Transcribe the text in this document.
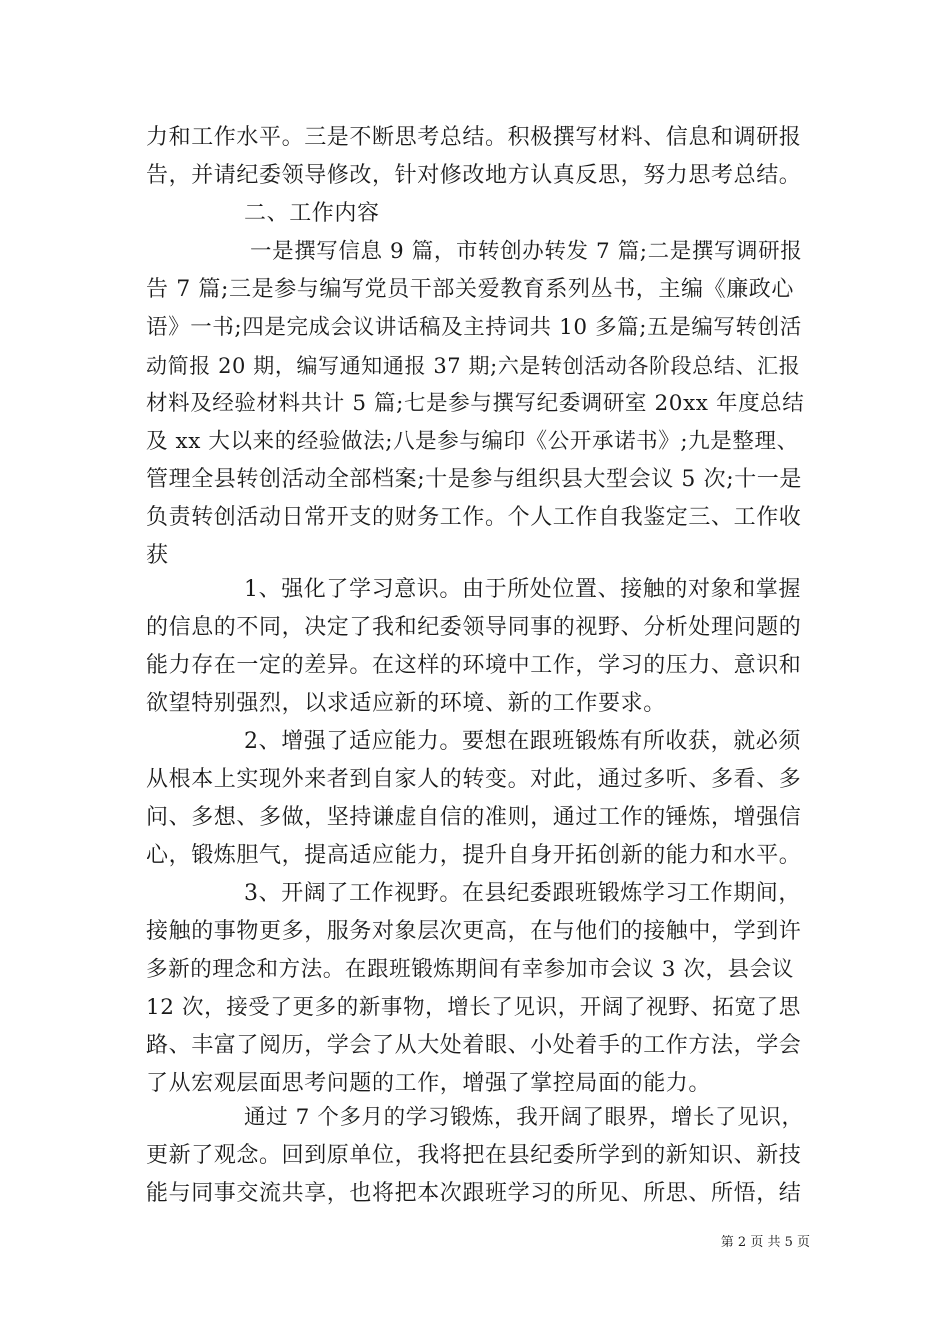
力和工作水平。三是不断思考总结。积极撰写材料、信息和调研报
告，并请纪委领导修改，针对修改地方认真反思，努力思考总结。
二、工作内容
一是撰写信息 9 篇，市转创办转发 7 篇;二是撰写调研报
告 7 篇;三是参与编写党员干部关爱教育系列丛书，主编《廉政心
语》一书;四是完成会议讲话稿及主持词共 10 多篇;五是编写转创活
动简报 20 期，编写通知通报 37 期;六是转创活动各阶段总结、汇报
材料及经验材料共计 5 篇;七是参与撰写纪委调研室 20xx 年度总结
及 xx 大以来的经验做法;八是参与编印《公开承诺书》;九是整理、
管理全县转创活动全部档案;十是参与组织县大型会议 5 次;十一是
负责转创活动日常开支的财务工作。个人工作自我鉴定三、工作收
获
1、强化了学习意识。由于所处位置、接触的对象和掌握
的信息的不同，决定了我和纪委领导同事的视野、分析处理问题的
能力存在一定的差异。在这样的环境中工作，学习的压力、意识和
欲望特别强烈，以求适应新的环境、新的工作要求。
2、增强了适应能力。要想在跟班锻炼有所收获，就必须
从根本上实现外来者到自家人的转变。对此，通过多听、多看、多
问、多想、多做，坚持谦虚自信的准则，通过工作的锤炼，增强信
心，锻炼胆气，提高适应能力，提升自身开拓创新的能力和水平。
3、开阔了工作视野。在县纪委跟班锻炼学习工作期间，
接触的事物更多，服务对象层次更高，在与他们的接触中，学到许
多新的理念和方法。在跟班锻炼期间有幸参加市会议 3 次，县会议
12 次，接受了更多的新事物，增长了见识，开阔了视野、拓宽了思
路、丰富了阅历，学会了从大处着眼、小处着手的工作方法，学会
了从宏观层面思考问题的工作，增强了掌控局面的能力。
通过 7 个多月的学习锻炼，我开阔了眼界，增长了见识，
更新了观念。回到原单位，我将把在县纪委所学到的新知识、新技
能与同事交流共享，也将把本次跟班学习的所见、所思、所悟，结
第 2 页 共 5 页
